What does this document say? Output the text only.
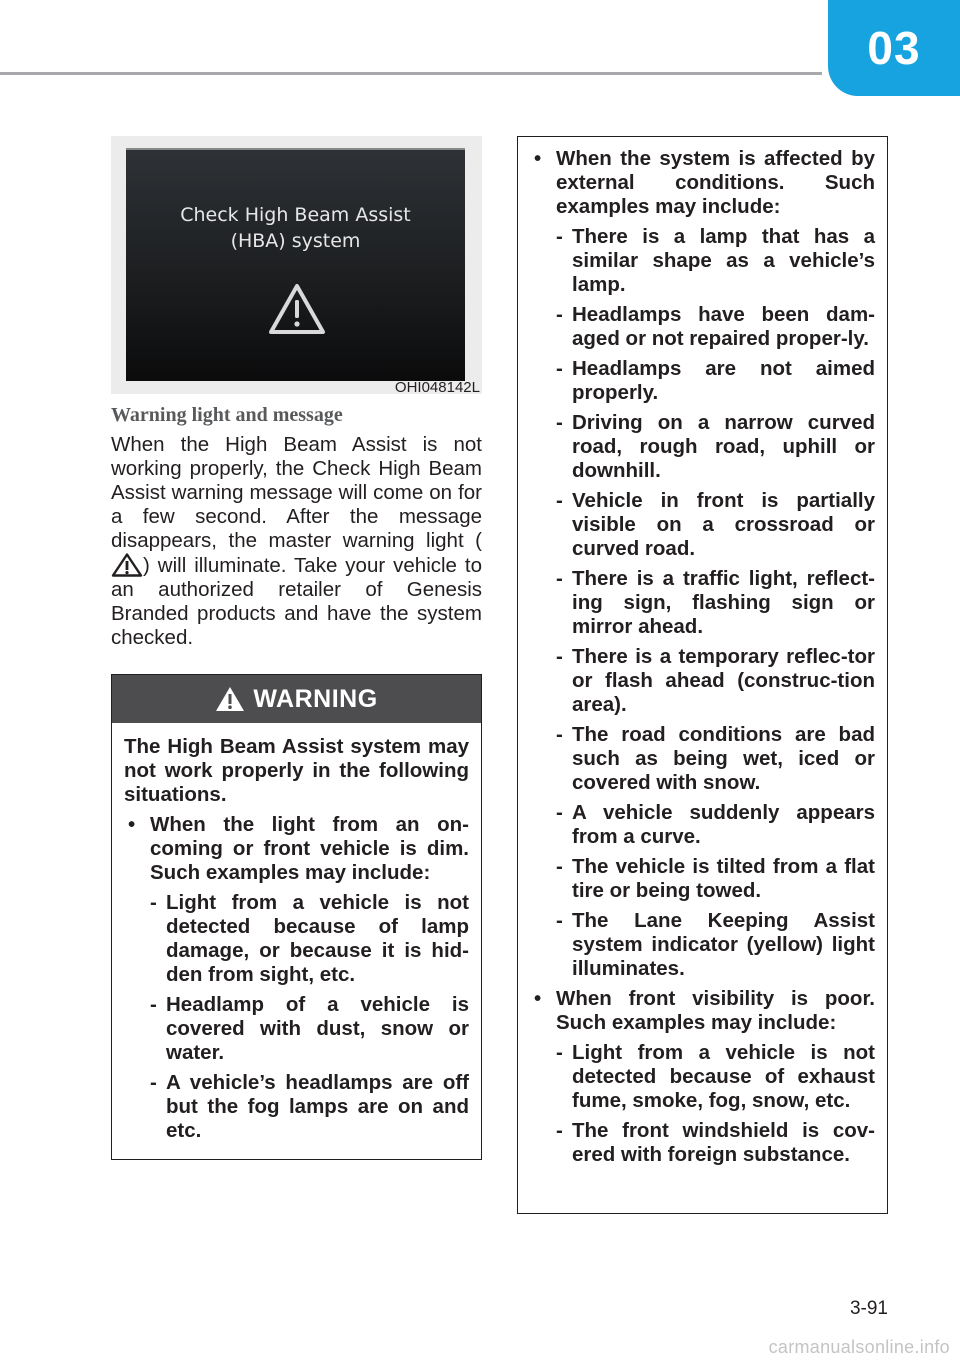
03
Check High Beam Assist
(HBA) system
OHI048142L
Warning light and message
When the High Beam Assist is not working properly, the Check High Beam Assist warning message will come on for a few second. After the message disappears, the master warning light () will illuminate. Take your vehicle to an authorized retailer of Genesis Branded products and have the system checked.
WARNING
The High Beam Assist system may not work properly in the following situations.
• When the light from an on-coming or front vehicle is dim. Such examples may include:
- Light from a vehicle is not detected because of lamp damage, or because it is hid-den from sight, etc.
- Headlamp of a vehicle is covered with dust, snow or water.
- A vehicle’s headlamps are off but the fog lamps are on and etc.
• When the system is affected by external conditions. Such examples may include:
- There is a lamp that has a similar shape as a vehicle’s lamp.
- Headlamps have been dam-aged or not repaired proper-ly.
- Headlamps are not aimed properly.
- Driving on a narrow curved road, rough road, uphill or downhill.
- Vehicle in front is partially visible on a crossroad or curved road.
- There is a traffic light, reflect-ing sign, flashing sign or mirror ahead.
- There is a temporary reflec-tor or flash ahead (construc-tion area).
- The road conditions are bad such as being wet, iced or covered with snow.
- A vehicle suddenly appears from a curve.
- The vehicle is tilted from a flat tire or being towed.
- The Lane Keeping Assist system indicator (yellow) light illuminates.
• When front visibility is poor. Such examples may include:
- Light from a vehicle is not detected because of exhaust fume, smoke, fog, snow, etc.
- The front windshield is cov-ered with foreign substance.
3-91
carmanualsonline.info
